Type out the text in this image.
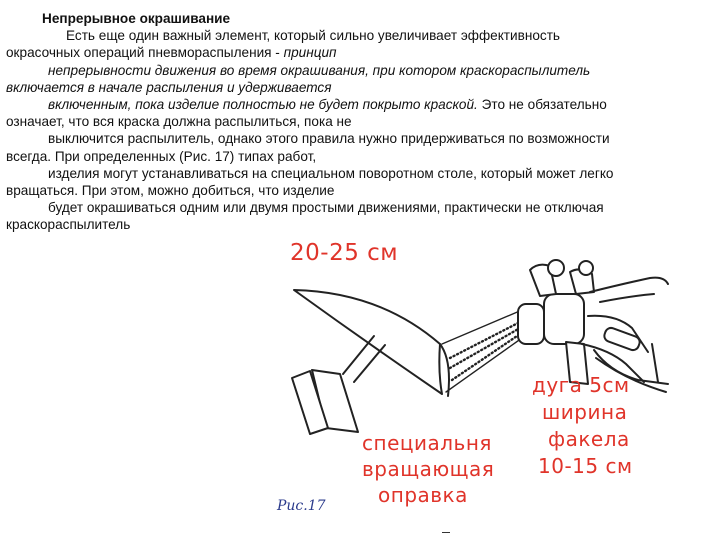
Непрерывное окрашивание
Есть еще один важный элемент, который сильно увеличивает эффективность
окрасочных операций пневмораспыления - принцип
непрерывности движения во время окрашивания, при котором краскораспылитель
включается в начале распыления и удерживается
включенным, пока изделие полностью не будет покрыто краской. Это не обязательно
означает, что вся краска должна распылиться, пока не
выключится распылитель, однако этого правила нужно придерживаться по возможности
всегда. При определенных (Рис. 17) типах работ,
изделия могут устанавливаться на специальном поворотном столе, который может легко
вращаться. При этом, можно добиться, что изделие
будет окрашиваться одним или двумя простыми движениями, практически не отключая
краскораспылитель
20-25 см
дуга 5см
ширина
факела
10-15 см
специальня
вращающая
оправка
Рис.17
